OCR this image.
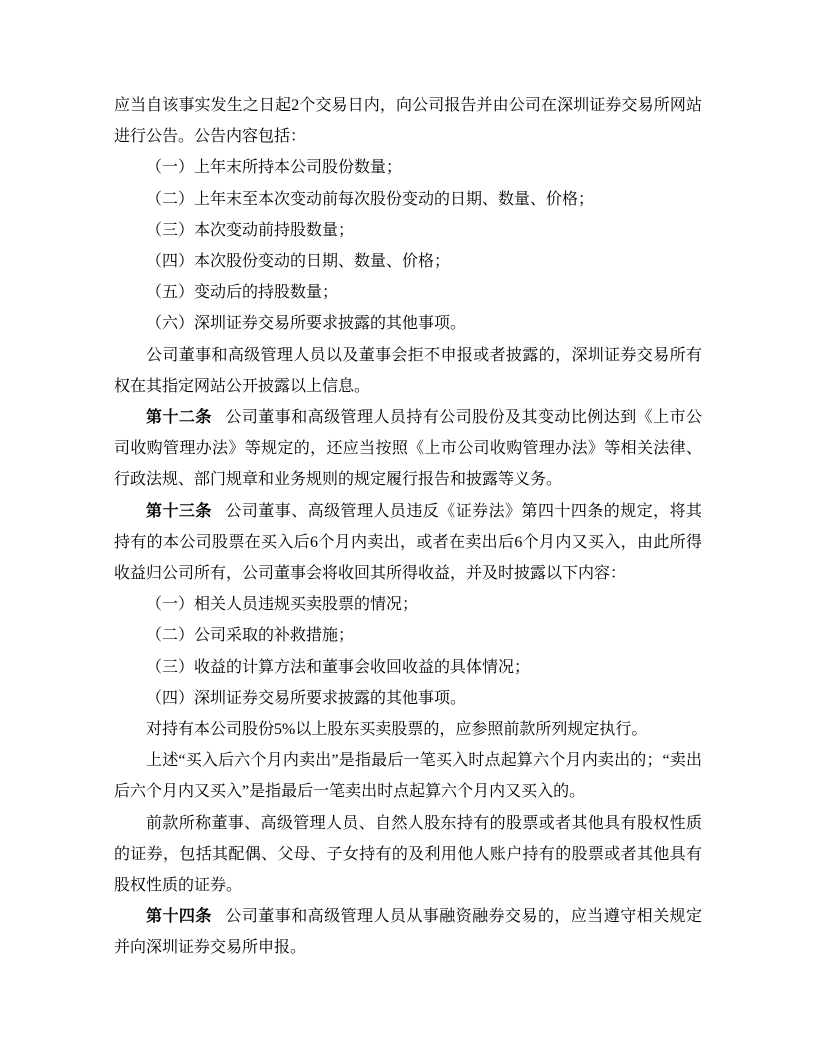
应当自该事实发生之日起2个交易日内，向公司报告并由公司在深圳证券交易所网站进行公告。公告内容包括：

（一）上年末所持本公司股份数量；

（二）上年末至本次变动前每次股份变动的日期、数量、价格；

（三）本次变动前持股数量；

（四）本次股份变动的日期、数量、价格；

（五）变动后的持股数量；

（六）深圳证券交易所要求披露的其他事项。

公司董事和高级管理人员以及董事会拒不申报或者披露的，深圳证券交易所有权在其指定网站公开披露以上信息。

第十二条 公司董事和高级管理人员持有公司股份及其变动比例达到《上市公司收购管理办法》等规定的，还应当按照《上市公司收购管理办法》等相关法律、行政法规、部门规章和业务规则的规定履行报告和披露等义务。

第十三条 公司董事、高级管理人员违反《证券法》第四十四条的规定，将其持有的本公司股票在买入后6个月内卖出，或者在卖出后6个月内又买入，由此所得收益归公司所有，公司董事会将收回其所得收益，并及时披露以下内容：

（一）相关人员违规买卖股票的情况；

（二）公司采取的补救措施；

（三）收益的计算方法和董事会收回收益的具体情况；

（四）深圳证券交易所要求披露的其他事项。

对持有本公司股份5%以上股东买卖股票的，应参照前款所列规定执行。

上述“买入后六个月内卖出”是指最后一笔买入时点起算六个月内卖出的；“卖出后六个月内又买入”是指最后一笔卖出时点起算六个月内又买入的。

前款所称董事、高级管理人员、自然人股东持有的股票或者其他具有股权性质的证券，包括其配偶、父母、子女持有的及利用他人账户持有的股票或者其他具有股权性质的证券。

第十四条 公司董事和高级管理人员从事融资融券交易的，应当遵守相关规定并向深圳证券交易所申报。
